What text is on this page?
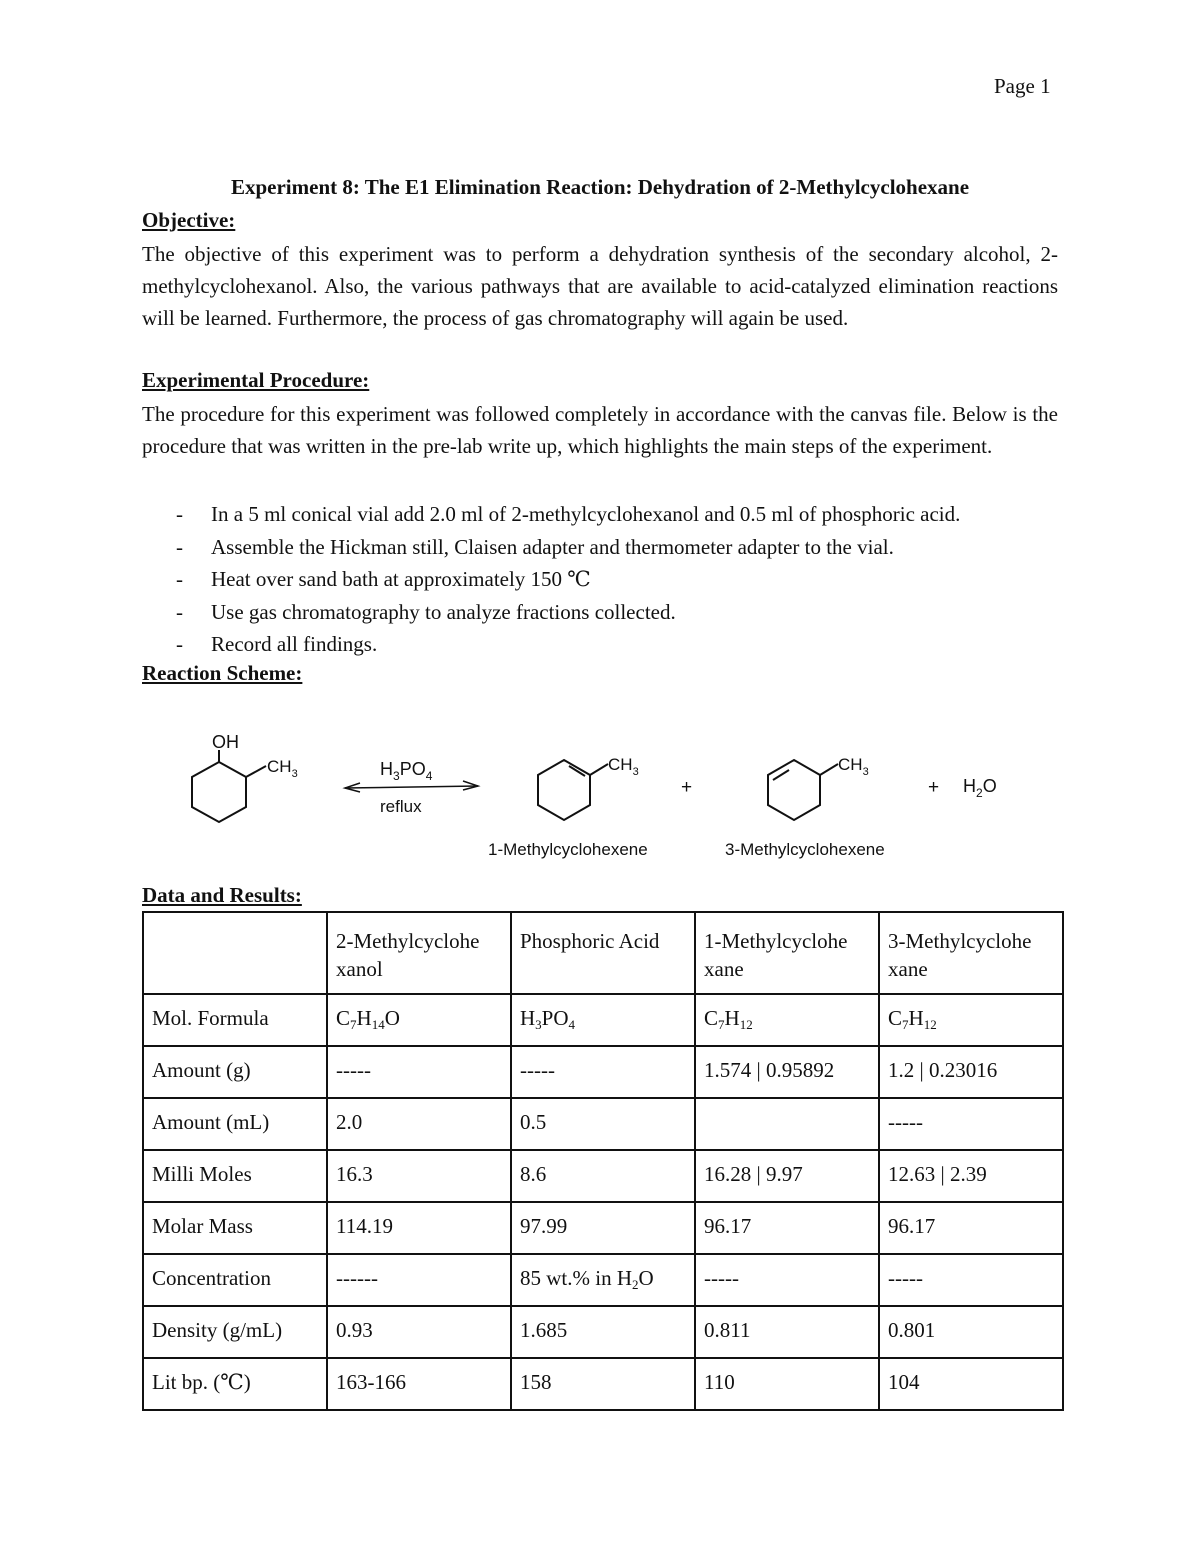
Page 1
Experiment 8: The E1 Elimination Reaction: Dehydration of 2-Methylcyclohexane
Objective:
The objective of this experiment was to perform a dehydration synthesis of the secondary alcohol, 2-methylcyclohexanol. Also, the various pathways that are available to acid-catalyzed elimination reactions will be learned. Furthermore, the process of gas chromatography will again be used.
Experimental Procedure:
The procedure for this experiment was followed completely in accordance with the canvas file. Below is the procedure that was written in the pre-lab write up, which highlights the main steps of the experiment.
- In a 5 ml conical vial add 2.0 ml of 2-methylcyclohexanol and 0.5 ml of phosphoric acid.
- Assemble the Hickman still, Claisen adapter and thermometer adapter to the vial.
- Heat over sand bath at approximately 150 ℃
- Use gas chromatography to analyze fractions collected.
- Record all findings.
Reaction Scheme:
OH
$CH_3$	$H_3PO_4$
reflux
$CH_3$
+
$CH_3$
+ $H_2O$
1-Methylcyclohexene	3-Methylcyclohexene
Data and Results:
	2-Methylcyclohe xanol	Phosphoric Acid	1-Methylcyclohe xane	3-Methylcyclohe xane
Mol. Formula	$C_7H_{14}O$	$H_3PO_4$	$C_7H_{12}$	$C_7H_{12}$
Amount (g)	-----	-----	1.574 | 0.95892	1.2 | 0.23016
Amount (mL)	2.0	0.5		-----
Milli Moles	16.3	8.6	16.28 | 9.97	12.63 | 2.39
Molar Mass	114.19	97.99	96.17	96.17
Concentration	------	85 wt.% in $H_2O$	-----	-----
Density (g/mL)	0.93	1.685	0.811	0.801
Lit bp. (℃)	163-166	158	110	104
